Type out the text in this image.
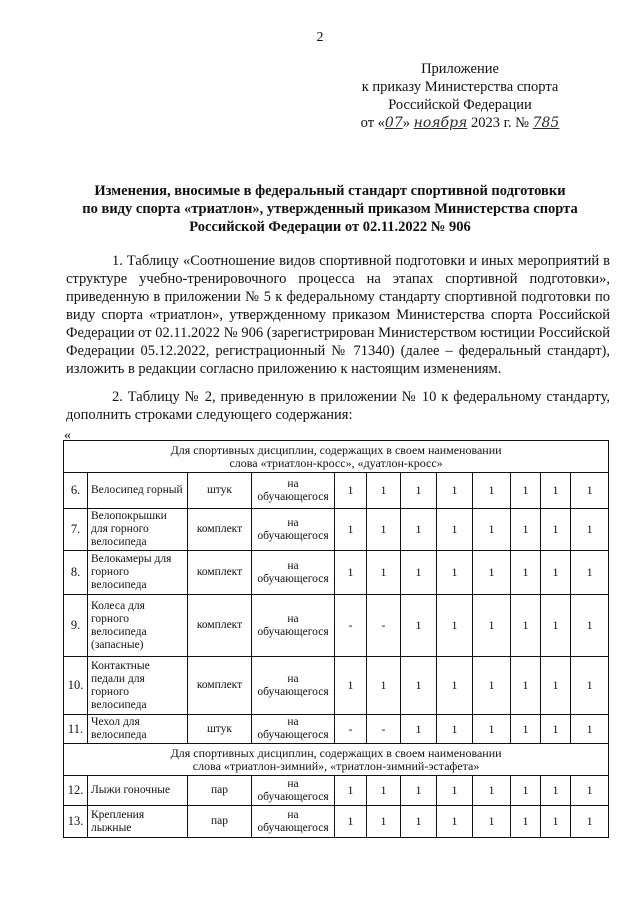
2
Приложение
к приказу Министерства спорта
Российской Федерации
от «07» ноября 2023 г. № 785
Изменения, вносимые в федеральный стандарт спортивной подготовки
по виду спорта «триатлон», утвержденный приказом Министерства спорта
Российской Федерации от 02.11.2022 № 906
1. Таблицу «Соотношение видов спортивной подготовки и иных мероприятий в структуре учебно-тренировочного процесса на этапах спортивной подготовки», приведенную в приложении № 5 к федеральному стандарту спортивной подготовки по виду спорта «триатлон», утвержденному приказом Министерства спорта Российской Федерации от 02.11.2022 № 906 (зарегистрирован Министерством юстиции Российской Федерации 05.12.2022, регистрационный № 71340) (далее – федеральный стандарт), изложить в редакции согласно приложению к настоящим изменениям.
2. Таблицу № 2, приведенную в приложении № 10 к федеральному стандарту, дополнить строками следующего содержания:
«
Для спортивных дисциплин, содержащих в своем наименовании
слова «триатлон-кросс», «дуатлон-кросс»											

6.	Велосипед горный	штук	на обучающегося	1	1	1	1	1	1	1	1
7.	Велопокрышки для горного велосипеда	комплект	на обучающегося	1	1	1	1	1	1	1	1
8.	Велокамеры для горного велосипеда	комплект	на обучающегося	1	1	1	1	1	1	1	1
9.	Колеса для горного велосипеда (запасные)	комплект	на обучающегося	-	-	1	1	1	1	1	1
10.	Контактные педали для горного велосипеда	комплект	на обучающегося	1	1	1	1	1	1	1	1
11.	Чехол для велосипеда	штук	на обучающегося	-	-	1	1	1	1	1	1

Для спортивных дисциплин, содержащих в своем наименовании
слова «триатлон-зимний», «триатлон-зимний-эстафета»											

12.	Лыжи гоночные	пар	на обучающегося	1	1	1	1	1	1	1	1
13.	Крепления лыжные	пар	на обучающегося	1	1	1	1	1	1	1	1
